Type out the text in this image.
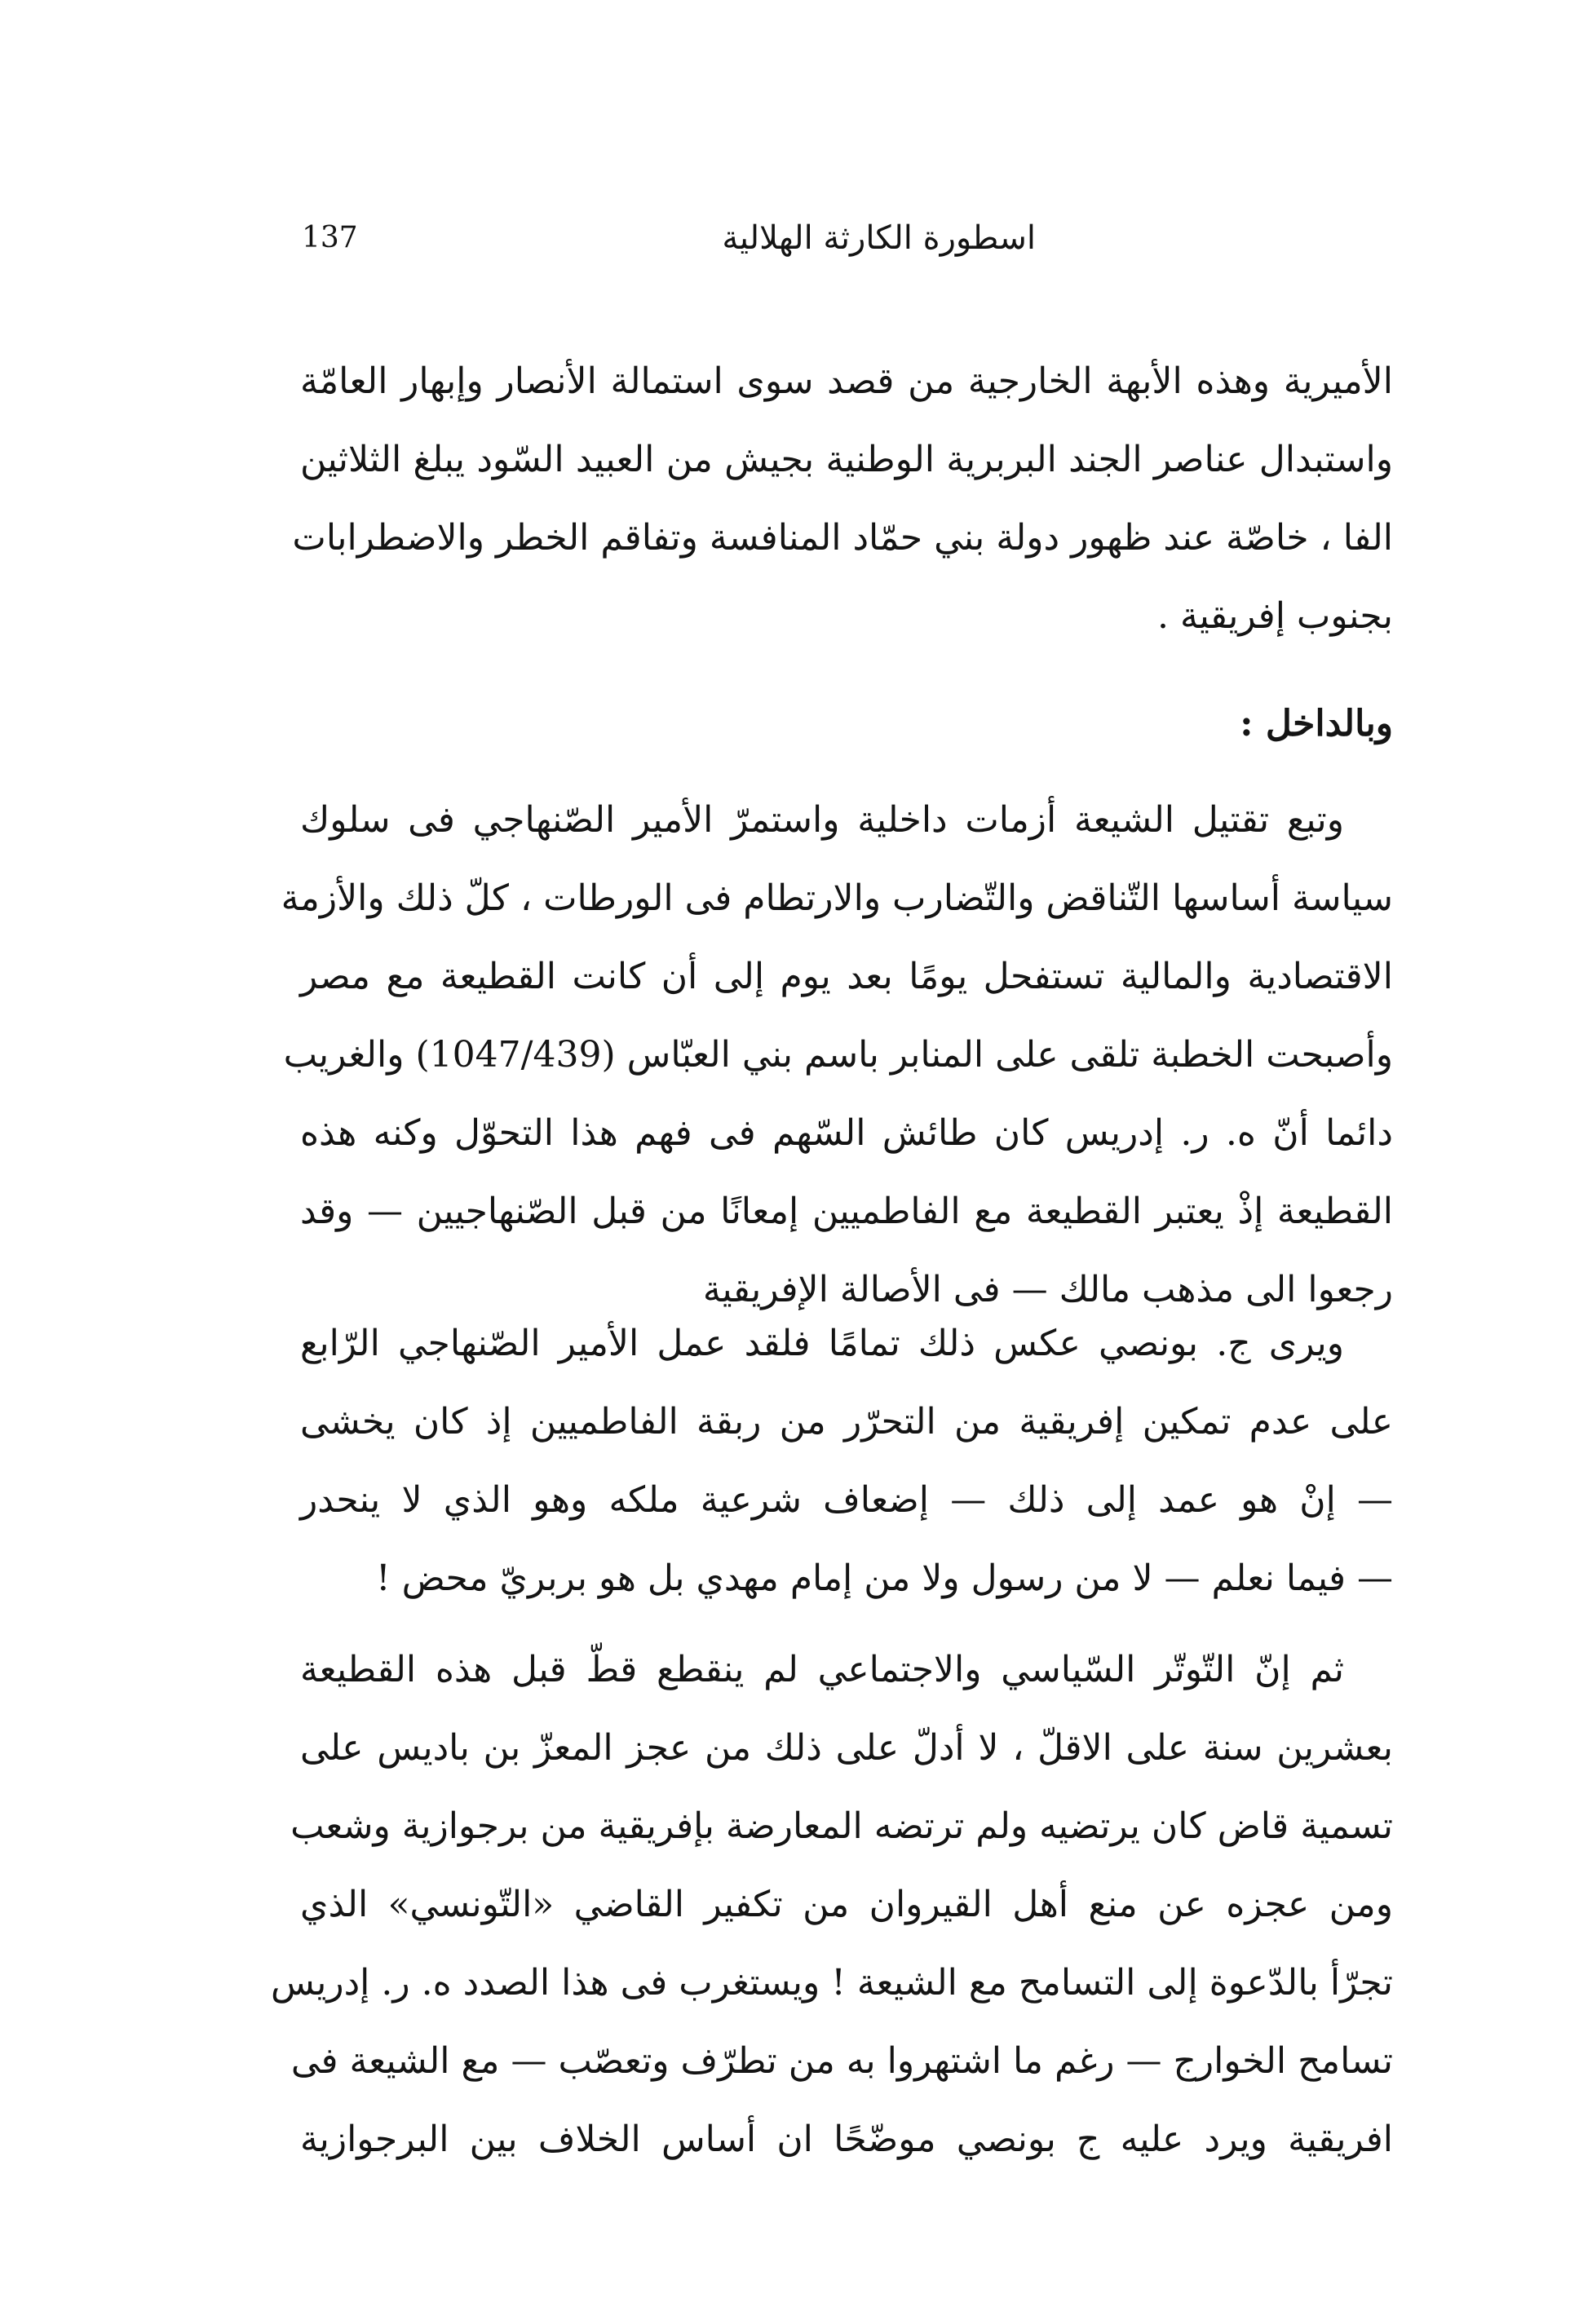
137	اسطورة الكارثة الهلالية
الأميرية وهذه الأبهة الخارجية من قصد سوى استمالة الأنصار وإبهار العامّة
واستبدال عناصر الجند البربرية الوطنية بجيش من العبيد السّود يبلغ الثلاثين
الفا ، خاصّة عند ظهور دولة بني حمّاد المنافسة وتفاقم الخطر والاضطرابات
بجنوب إفريقية .
وبالداخل :
وتبع تقتيل الشيعة أزمات داخلية واستمرّ الأمير الصّنهاجي فى سلوك
سياسة أساسها التّناقض والتّضارب والارتطام فى الورطات ، كلّ ذلك والأزمة
الاقتصادية والمالية تستفحل يومًا بعد يوم إلى أن كانت القطيعة مع مصر
وأصبحت الخطبة تلقى على المنابر باسم بني العبّاس (1047/439) والغريب
دائما أنّ ه. ر. إدريس كان طائش السّهم فى فهم هذا التحوّل وكنه هذه
القطيعة إذْ يعتبر القطيعة مع الفاطميين إمعانًا من قبل الصّنهاجيين — وقد
رجعوا الى مذهب مالك — فى الأصالة الإفريقية
ويرى ج. بونصي عكس ذلك تمامًا فلقد عمل الأمير الصّنهاجي الرّابع
على عدم تمكين إفريقية من التحرّر من ربقة الفاطميين إذ كان يخشى
— إنْ هو عمد إلى ذلك — إضعاف شرعية ملكه وهو الذي لا ينحدر
— فيما نعلم — لا من رسول ولا من إمام مهدي بل هو بربريّ محض !
ثم إنّ التّوتّر السّياسي والاجتماعي لم ينقطع قطّ قبل هذه القطيعة
بعشرين سنة على الاقلّ ، لا أدلّ على ذلك من عجز المعزّ بن باديس على
تسمية قاض كان يرتضيه ولم ترتضه المعارضة بإفريقية من برجوازية وشعب
ومن عجزه عن منع أهل القيروان من تكفير القاضي «التّونسي» الذي
تجرّأ بالدّعوة إلى التسامح مع الشيعة ! ويستغرب فى هذا الصدد ه. ر. إدريس
تسامح الخوارج — رغم ما اشتهروا به من تطرّف وتعصّب — مع الشيعة فى
افريقية ويرد عليه ج بونصي موضّحًا ان أساس الخلاف بين البرجوازية
